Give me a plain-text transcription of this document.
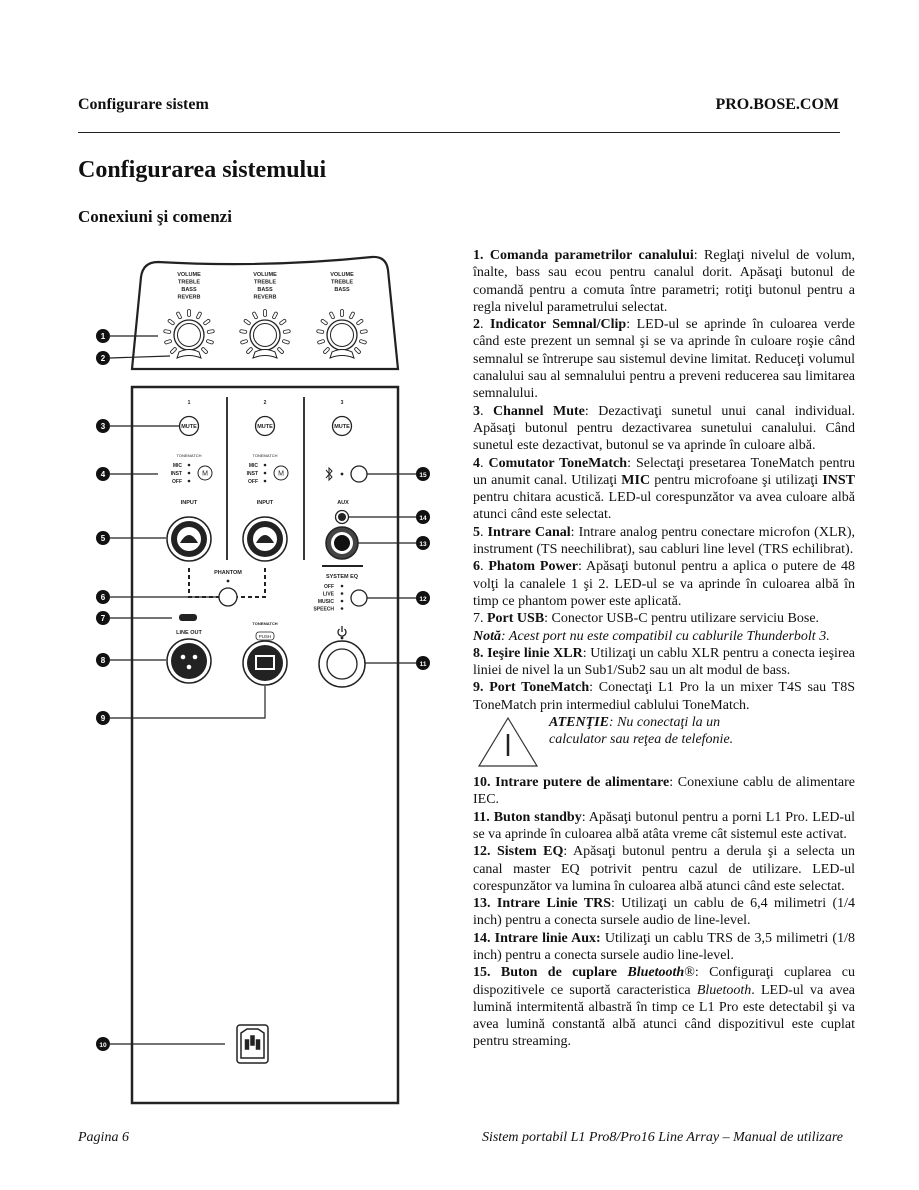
Configurare sistem	PRO.BOSE.COM
Configurarea sistemului
Conexiuni şi comenzi
VOLUME
TREBLE
BASS
REVERB
VOLUME
TREBLE
BASS
REVERB
VOLUME
TREBLE
BASS
1	2	3
MUTE	MUTE	MUTE
TONEMATCH
MIC
INST
OFF
M
TONEMATCH
MIC
INST
OFF
M
INPUT	INPUT	AUX
PHANTOM
SYSTEM EQ
OFF
LIVE
MUSIC
SPEECH
LINE OUT
TONEMATCH
PUSH
1
2
3
4
5
6
7
8
9
10
11
12
13
14
15

1. Comanda parametrilor canalului: Reglaţi nivelul de volum, înalte, bass sau ecou pentru canalul dorit. Apăsaţi butonul de comandă pentru a comuta între parametri; rotiţi butonul pentru a regla nivelul parametrului selectat.

2. Indicator Semnal/Clip: LED-ul se aprinde în culoarea verde când este prezent un semnal şi se va aprinde în culoare roşie când semnalul se întrerupe sau sistemul devine limitat. Reduceţi volumul canalului sau al semnalului pentru a preveni reducerea sau limitarea semnalului.

3. Channel Mute: Dezactivaţi sunetul unui canal individual. Apăsaţi butonul pentru dezactivarea sunetului canalului. Când sunetul este dezactivat, butonul se va aprinde în culoare albă.

4. Comutator ToneMatch: Selectaţi presetarea ToneMatch pentru un anumit canal. Utilizaţi MIC pentru microfoane şi utilizaţi INST pentru chitara acustică. LED-ul corespunzător va avea culoare albă atunci când este selectat.

5. Intrare Canal: Intrare analog pentru conectare microfon (XLR), instrument (TS neechilibrat), sau cabluri line level (TRS echilibrat).

6. Phatom Power: Apăsaţi butonul pentru a aplica o putere de 48 volţi la canalele 1 şi 2. LED-ul se va aprinde în culoarea albă în timp ce phantom power este aplicată.

7. Port USB: Conector USB-C pentru utilizare serviciu Bose.

Notă: Acest port nu este compatibil cu cablurile Thunderbolt 3.

8. Ieşire linie XLR: Utilizaţi un cablu XLR pentru a conecta ieşirea liniei de nivel la un Sub1/Sub2 sau un alt modul de bass.

9. Port ToneMatch: Conectaţi L1 Pro la un mixer T4S sau T8S ToneMatch prin intermediul cablului ToneMatch.

ATENŢIE: Nu conectaţi la un calculator sau reţea de telefonie.

10. Intrare putere de alimentare: Conexiune cablu de alimentare IEC.

11. Buton standby: Apăsaţi butonul pentru a porni L1 Pro. LED-ul se va aprinde în culoarea albă atâta vreme cât sistemul este activat.

12. Sistem EQ: Apăsaţi butonul pentru a derula şi a selecta un canal master EQ potrivit pentru cazul de utilizare. LED-ul corespunzător va lumina în culoarea albă atunci când este selectat.

13. Intrare Linie TRS: Utilizaţi un cablu de 6,4 milimetri (1/4 inch) pentru a conecta sursele audio de line-level.

14. Intrare linie Aux: Utilizaţi un cablu TRS de 3,5 milimetri (1/8 inch) pentru a conecta sursele audio line-level.

15. Buton de cuplare Bluetooth®: Configuraţi cuplarea cu dispozitivele ce suportă caracteristica Bluetooth. LED-ul va avea lumină intermitentă albastră în timp ce L1 Pro este detectabil şi va avea lumină constantă albă atunci când dispozitivul este cuplat pentru streaming.

Pagina 6	Sistem portabil L1 Pro8/Pro16 Line Array – Manual de utilizare
